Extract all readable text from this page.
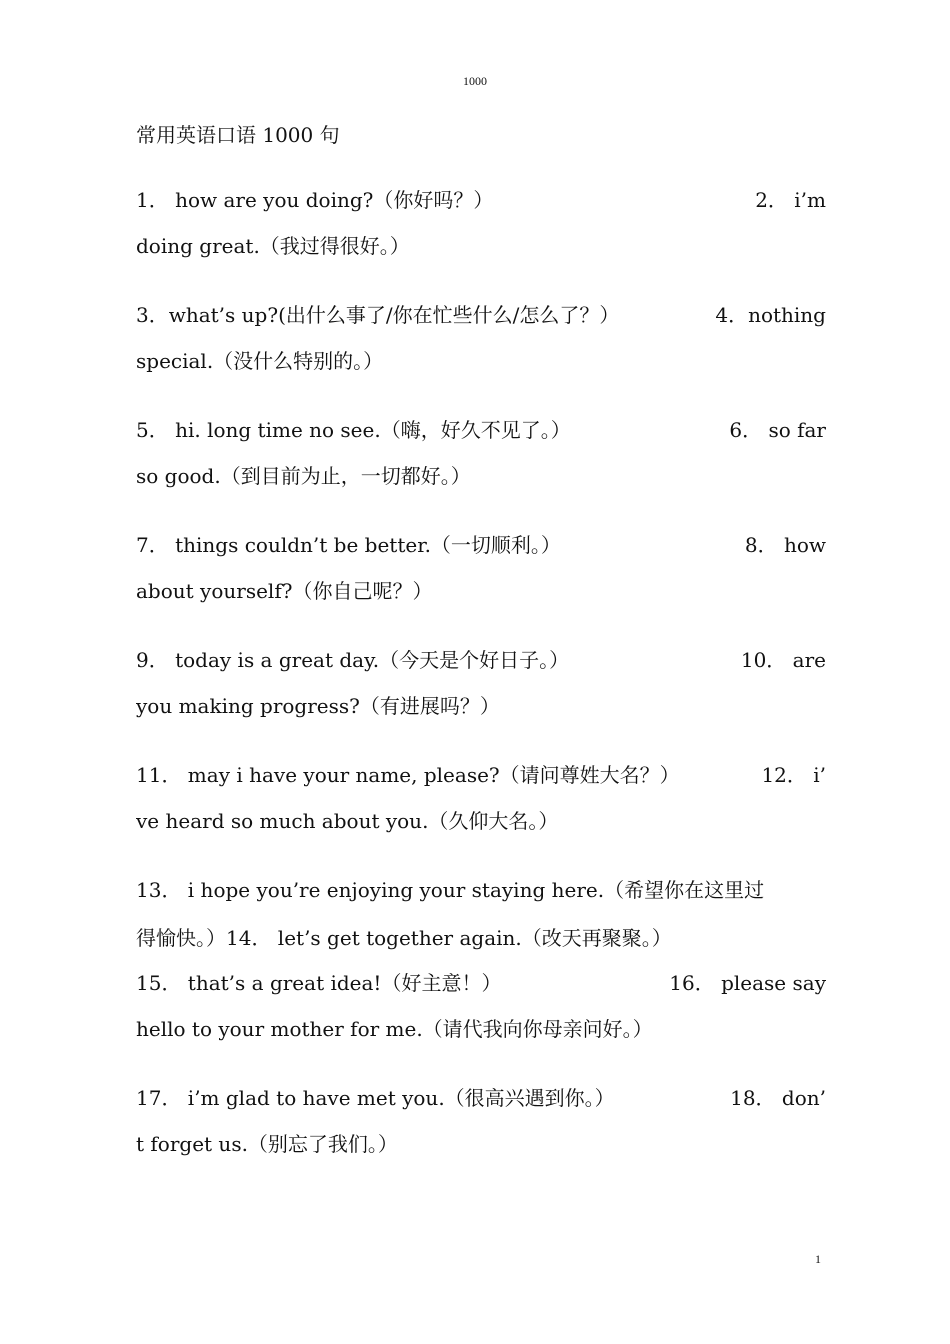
1000
常用英语口语 1000 句
1． how are you doing?（你好吗？）	2． i’m
doing great.（我过得很好。）
3．what’s up?(出什么事了/你在忙些什么/怎么了？）	4．nothing
special.（没什么特别的。）
5． hi. long time no see.（嗨，好久不见了。）	6． so far
so good.（到目前为止，一切都好。）
7． things couldn’t be better.（一切顺利。）	8． how
about yourself?（你自己呢？）
9． today is a great day.（今天是个好日子。）	10． are
you making progress?（有进展吗？）
11． may i have your name, please?（请问尊姓大名？）	12． i’
ve heard so much about you.（久仰大名。）
13． i hope you’re enjoying your staying here.（希望你在这里过
得愉快。）14． let’s get together again.（改天再聚聚。）
15． that’s a great idea!（好主意！）	16． please say
hello to your mother for me.（请代我向你母亲问好。）
17． i’m glad to have met you.（很高兴遇到你。）	18． don’
t forget us.（别忘了我们。）
1
